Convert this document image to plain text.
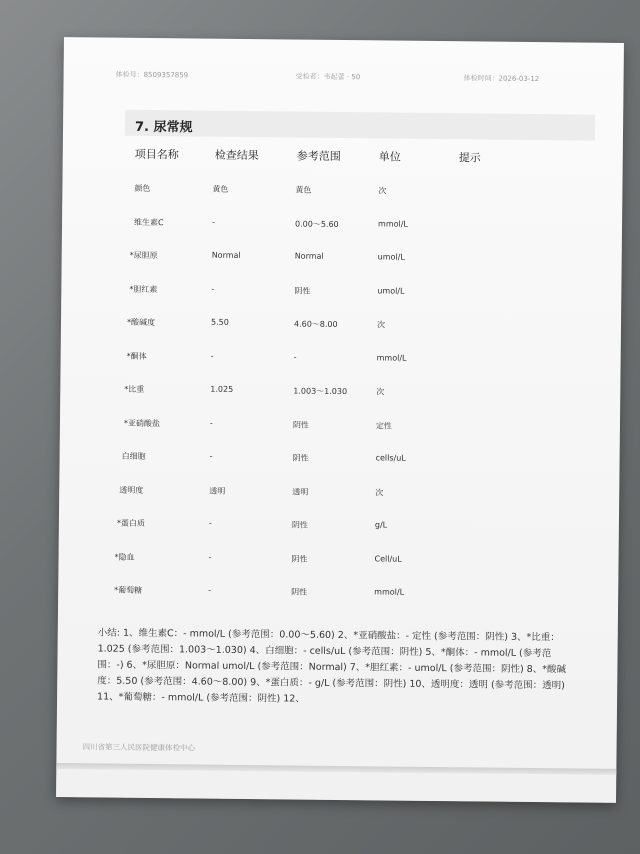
体检号：8509357859	受检者：韦起蕾 · 50	体检时间：2026-03-12
7. 尿常规
项目名称	检查结果	参考范围	单位	提示
颜色	黄色	黄色	次
维生素C	-	0.00～5.60	mmol/L
*尿胆原	Normal	Normal	umol/L
*胆红素	-	阴性	umol/L
*酸碱度	5.50	4.60～8.00	次
*酮体	-	-	mmol/L
*比重	1.025	1.003～1.030	次
*亚硝酸盐	-	阴性	定性
白细胞	-	阴性	cells/uL
透明度	透明	透明	次
*蛋白质	-	阴性	g/L
*隐血	-	阴性	Cell/uL
*葡萄糖	-	阴性	mmol/L
小结: 1、维生素C：- mmol/L (参考范围：0.00～5.60) 2、*亚硝酸盐：- 定性 (参考范围：阴性) 3、*比重：1.025 (参考范围：1.003～1.030) 4、白细胞：- cells/uL (参考范围：阴性) 5、*酮体：- mmol/L (参考范围：-) 6、*尿胆原：Normal umol/L (参考范围：Normal) 7、*胆红素：- umol/L (参考范围：阴性) 8、*酸碱度：5.50 (参考范围：4.60～8.00) 9、*蛋白质：- g/L (参考范围：阴性) 10、透明度：透明 (参考范围：透明) 11、*葡萄糖：- mmol/L (参考范围：阴性) 12、
四川省第三人民医院健康体检中心
